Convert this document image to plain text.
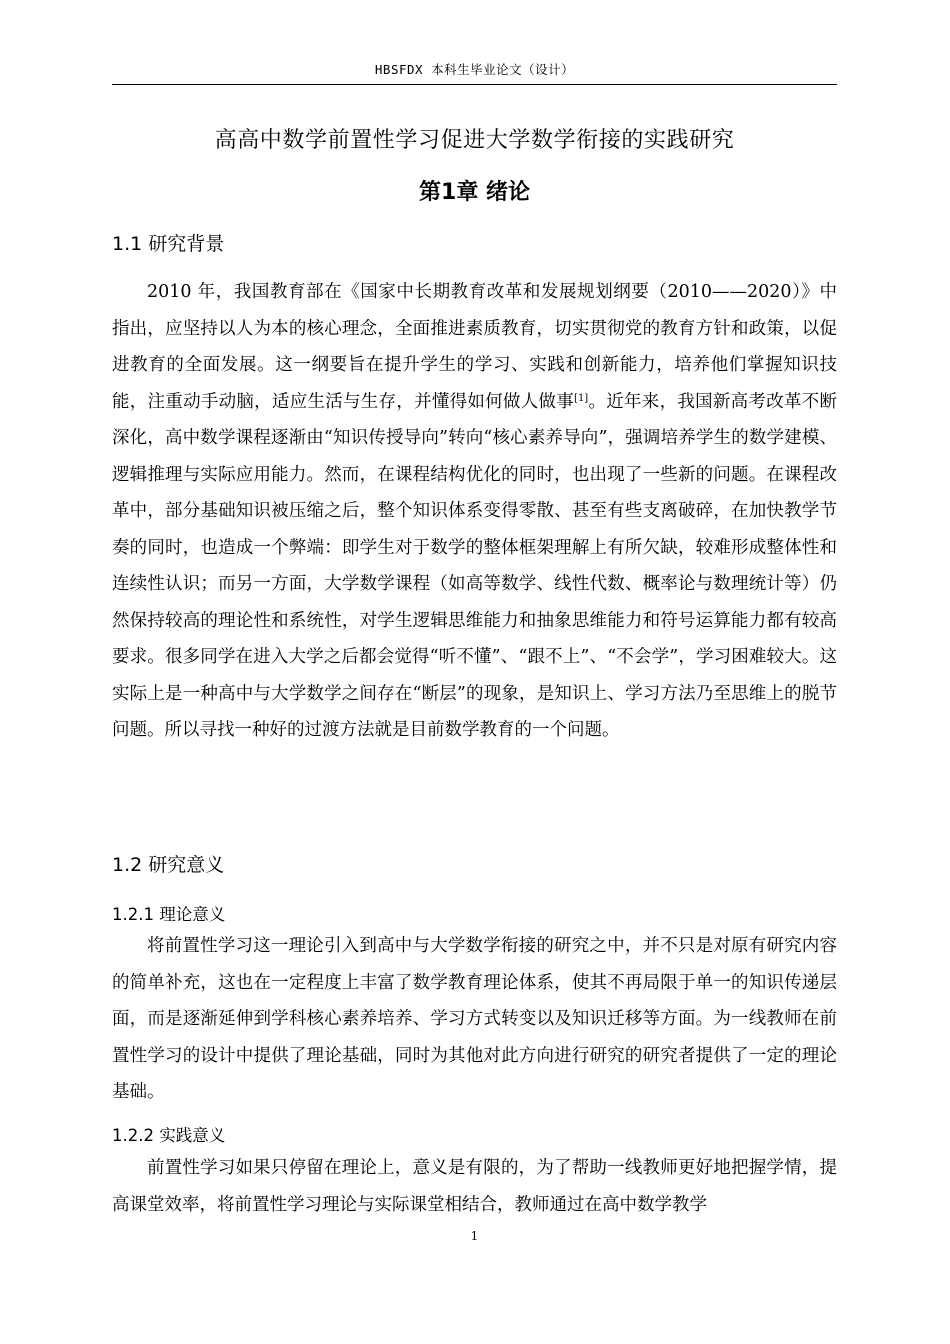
HBSFDX 本科生毕业论文（设计）
高高中数学前置性学习促进大学数学衔接的实践研究
第1章 绪论
1.1 研究背景

2010 年，我国教育部在《国家中长期教育改革和发展规划纲要（2010——2020）》中指出，应坚持以人为本的核心理念，全面推进素质教育，切实贯彻党的教育方针和政策，以促进教育的全面发展。这一纲要旨在提升学生的学习、实践和创新能力，培养他们掌握知识技能，注重动手动脑，适应生活与生存，并懂得如何做人做事[1]。近年来，我国新高考改革不断深化，高中数学课程逐渐由“知识传授导向”转向“核心素养导向”，强调培养学生的数学建模、逻辑推理与实际应用能力。然而，在课程结构优化的同时，也出现了一些新的问题。在课程改革中，部分基础知识被压缩之后，整个知识体系变得零散、甚至有些支离破碎，在加快教学节奏的同时，也造成一个弊端：即学生对于数学的整体框架理解上有所欠缺，较难形成整体性和连续性认识；而另一方面，大学数学课程（如高等数学、线性代数、概率论与数理统计等）仍然保持较高的理论性和系统性，对学生逻辑思维能力和抽象思维能力和符号运算能力都有较高要求。很多同学在进入大学之后都会觉得“听不懂”、“跟不上”、“不会学”，学习困难较大。这实际上是一种高中与大学数学之间存在“断层”的现象，是知识上、学习方法乃至思维上的脱节问题。所以寻找一种好的过渡方法就是目前数学教育的一个问题。

1.2 研究意义
1.2.1 理论意义

将前置性学习这一理论引入到高中与大学数学衔接的研究之中，并不只是对原有研究内容的简单补充，这也在一定程度上丰富了数学教育理论体系，使其不再局限于单一的知识传递层面，而是逐渐延伸到学科核心素养培养、学习方式转变以及知识迁移等方面。为一线教师在前置性学习的设计中提供了理论基础，同时为其他对此方向进行研究的研究者提供了一定的理论基础。

1.2.2 实践意义

前置性学习如果只停留在理论上，意义是有限的，为了帮助一线教师更好地把握学情，提高课堂效率，将前置性学习理论与实际课堂相结合，教师通过在高中数学教学

1
